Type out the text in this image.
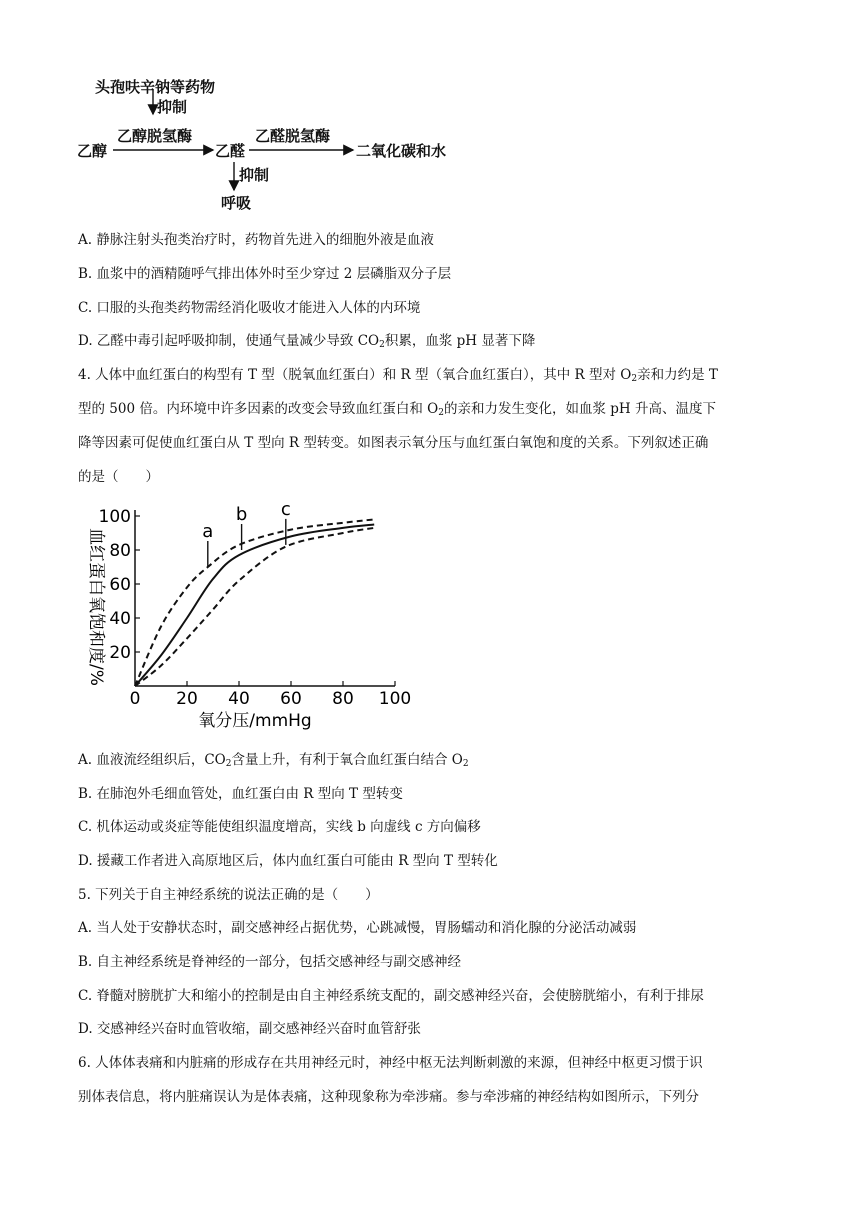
头孢呋辛钠等药物
抑制
乙醇脱氢酶	乙醛脱氢酶
乙醇	乙醛	二氧化碳和水
抑制
呼吸
A. 静脉注射头孢类治疗时，药物首先进入的细胞外液是血液
B. 血浆中的酒精随呼气排出体外时至少穿过 2 层磷脂双分子层
C. 口服的头孢类药物需经消化吸收才能进入人体的内环境
D. 乙醛中毒引起呼吸抑制，使通气量减少导致 $CO_2$积累，血浆 pH 显著下降
4. 人体中血红蛋白的构型有 T 型（脱氧血红蛋白）和 R 型（氧合血红蛋白），其中 R 型对 $O_2$亲和力约是 T
型的 500 倍。内环境中许多因素的改变会导致血红蛋白和 $O_2$的亲和力发生变化，如血浆 pH 升高、温度下
降等因素可促使血红蛋白从 T 型向 R 型转变。如图表示氧分压与血红蛋白氧饱和度的关系。下列叙述正确
的是（　　）
20
40
60
80
100
0 20 40 60 80 100
氧分压/mmHg
血红蛋白氧饱和度/%	a
b c
A. 血液流经组织后，$CO_2$含量上升，有利于氧合血红蛋白结合 $O_2$
B. 在肺泡外毛细血管处，血红蛋白由 R 型向 T 型转变
C. 机体运动或炎症等能使组织温度增高，实线 b 向虚线 c 方向偏移
D. 援藏工作者进入高原地区后，体内血红蛋白可能由 R 型向 T 型转化
5. 下列关于自主神经系统的说法正确的是（　　）
A. 当人处于安静状态时，副交感神经占据优势，心跳减慢，胃肠蠕动和消化腺的分泌活动减弱
B. 自主神经系统是脊神经的一部分，包括交感神经与副交感神经
C. 脊髓对膀胱扩大和缩小的控制是由自主神经系统支配的，副交感神经兴奋，会使膀胱缩小，有利于排尿
D. 交感神经兴奋时血管收缩，副交感神经兴奋时血管舒张
6. 人体体表痛和内脏痛的形成存在共用神经元时，神经中枢无法判断刺激的来源，但神经中枢更习惯于识
别体表信息，将内脏痛误认为是体表痛，这种现象称为牵涉痛。参与牵涉痛的神经结构如图所示，下列分
